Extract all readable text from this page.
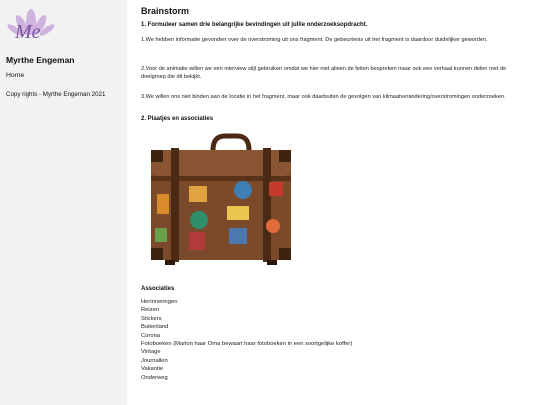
Me
Myrthe Engeman
Home

Copy rights - Myrthe Engeman 2021

Brainstorm

1. Formuleer samen drie belangrijke bevindingen uit jullie onderzoeksopdracht.

1.We hebben informatie gevonden over de overstroming uit ons fragment. De gebeurtenis uit het fragment is daardoor duidelijker geworden.

2.Voor de animatie willen we een interview stijl gebruiken omdat we hier niet alleen de feiten bespreken maar ook een verhaal kunnen delen met de doelgroep die dit bekijkt.

3.We willen ons niet binden aan de locatie in het fragment, maar ook daarbuiten de gevolgen van klimaatverandering/overstromingen onderzoeken.

2. Plaatjes en associaties

Associaties

Herinneringen
Reizen
Stickers
Buitenland
Corona
Fotoboeken (Marlon haar Oma bewaart haar fotoboeken in een soortgelijke koffer)
Vintage
Journallen
Vakantie
Onderweg
